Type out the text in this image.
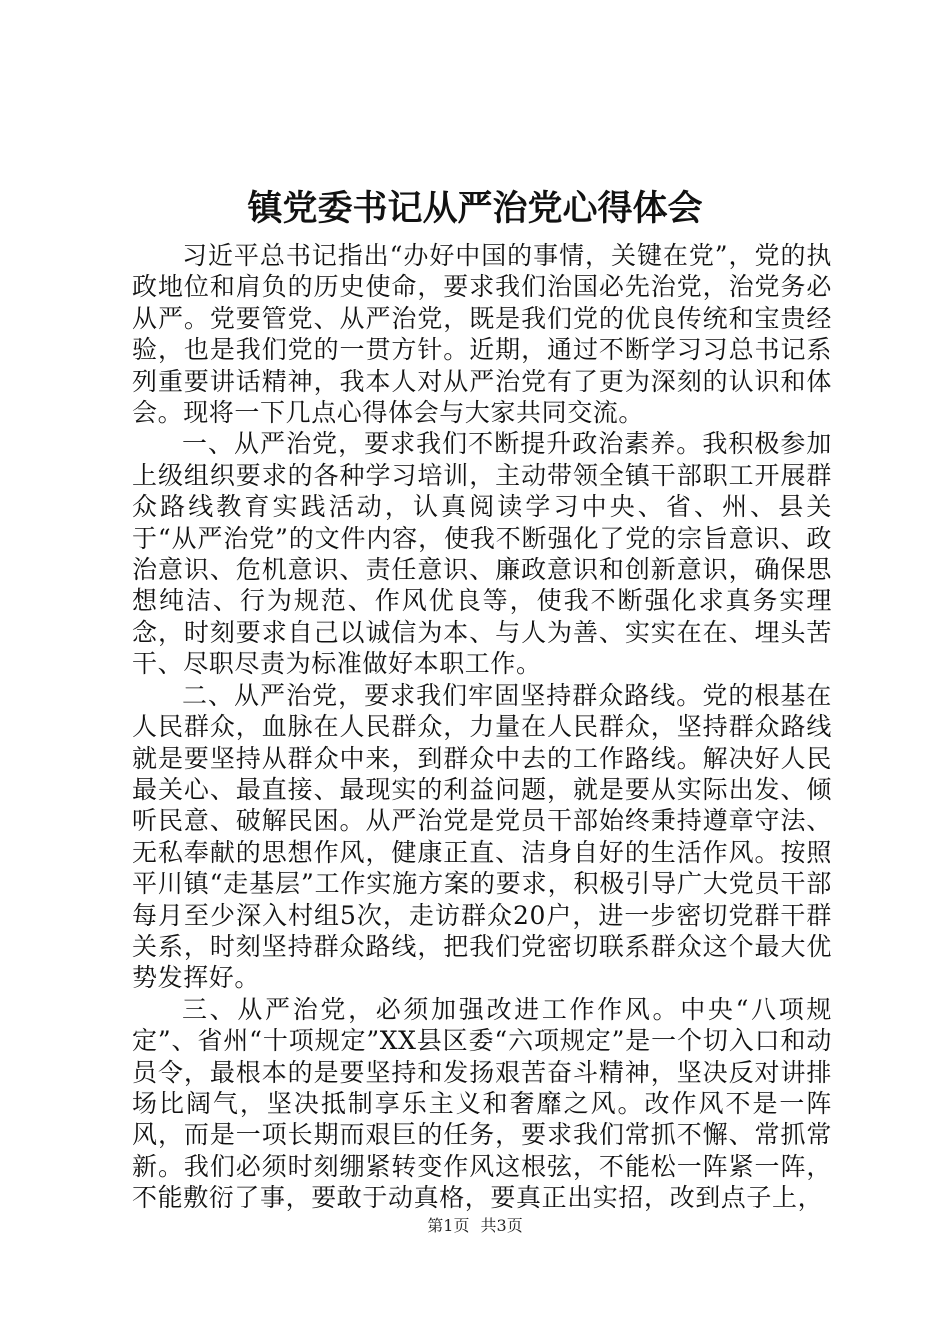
镇党委书记从严治党心得体会

习近平总书记指出“办好中国的事情，关键在党”，党的执政地位和肩负的历史使命，要求我们治国必先治党，治党务必从严。党要管党、从严治党，既是我们党的优良传统和宝贵经验，也是我们党的一贯方针。近期，通过不断学习习总书记系列重要讲话精神，我本人对从严治党有了更为深刻的认识和体会。现将一下几点心得体会与大家共同交流。

一、从严治党，要求我们不断提升政治素养。我积极参加上级组织要求的各种学习培训，主动带领全镇干部职工开展群众路线教育实践活动，认真阅读学习中央、省、州、县关于“从严治党”的文件内容，使我不断强化了党的宗旨意识、政治意识、危机意识、责任意识、廉政意识和创新意识，确保思想纯洁、行为规范、作风优良等，使我不断强化求真务实理念，时刻要求自己以诚信为本、与人为善、实实在在、埋头苦干、尽职尽责为标准做好本职工作。

二、从严治党，要求我们牢固坚持群众路线。党的根基在人民群众，血脉在人民群众，力量在人民群众，坚持群众路线就是要坚持从群众中来，到群众中去的工作路线。解决好人民最关心、最直接、最现实的利益问题，就是要从实际出发、倾听民意、破解民困。从严治党是党员干部始终秉持遵章守法、无私奉献的思想作风，健康正直、洁身自好的生活作风。按照平川镇“走基层”工作实施方案的要求，积极引导广大党员干部每月至少深入村组5次，走访群众20户，进一步密切党群干群关系，时刻坚持群众路线，把我们党密切联系群众这个最大优势发挥好。

三、从严治党，必须加强改进工作作风。中央“八项规定”、省州“十项规定”XX县区委“六项规定”是一个切入口和动员令，最根本的是要坚持和发扬艰苦奋斗精神，坚决反对讲排场比阔气，坚决抵制享乐主义和奢靡之风。改作风不是一阵风，而是一项长期而艰巨的任务，要求我们常抓不懈、常抓常新。我们必须时刻绷紧转变作风这根弦，不能松一阵紧一阵，不能敷衍了事，要敢于动真格，要真正出实招，改到点子上，

第1页 共3页
